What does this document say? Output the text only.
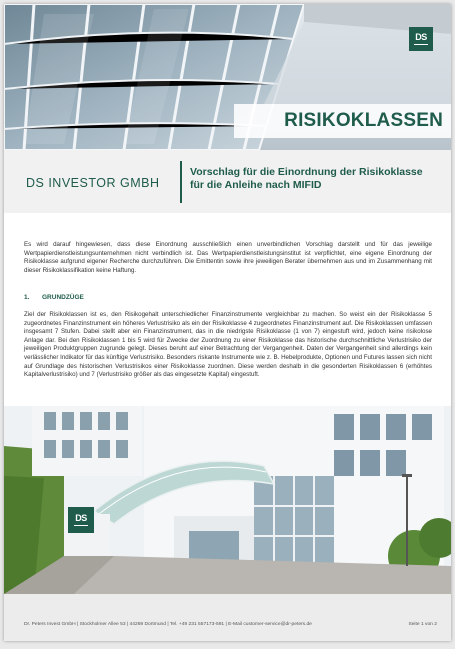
DS
RISIKOKLASSEN
DS INVESTOR GMBH
Vorschlag für die Einordnung der Risikoklasse für die Anleihe nach MIFID

Es wird darauf hingewiesen, dass diese Einordnung ausschließlich einen unverbindlichen Vorschlag darstellt und für das jeweilige Wertpapierdienstleistungsunternehmen nicht verbindlich ist. Das Wertpapierdienstleistungsinstitut ist verpflichtet, eine eigene Einordnung der Risikoklasse aufgrund eigener Recherche durchzuführen. Die Emittentin sowie ihre jeweiligen Berater übernehmen aus und im Zusammenhang mit dieser Risikoklassifikation keine Haftung.

1. GRUNDZÜGE

Ziel der Risikoklassen ist es, den Risikogehalt unterschiedlicher Finanzinstrumente vergleichbar zu machen. So weist ein der Risikoklasse 5 zugeordnetes Finanzinstrument ein höheres Verlustrisiko als ein der Risikoklasse 4 zugeordnetes Finanzinstrument auf. Die Risikoklassen umfassen insgesamt 7 Stufen. Dabei stellt aber ein Finanzinstrument, das in die niedrigste Risikoklasse (1 von 7) eingestuft wird, jedoch keine risikolose Anlage dar. Bei den Risikoklassen 1 bis 5 wird für Zwecke der Zuordnung zu einer Risikoklasse das historische durchschnittliche Verlustrisiko der jeweiligen Produktgruppen zugrunde gelegt. Dieses beruht auf einer Betrachtung der Vergangenheit. Daten der Vergangenheit sind allerdings kein verlässlicher Indikator für das künftige Verlustrisiko. Besonders riskante Instrumente wie z. B. Hebelprodukte, Optionen und Futures lassen sich nicht auf Grundlage des historischen Verlustrisikos einer Risikoklasse zuordnen. Diese werden deshalb in die gesonderten Risikoklassen 6 (erhöhtes Kapitalverlustrisiko) und 7 (Verlustrisiko größer als das eingesetzte Kapital) eingestuft.

DS
Dr. Peters Invest GmbH | Stockholmer Allee 53 | 44269 Dortmund | Tel. +49 231 557173-591 | E-Mail customer-service@dr-peters.de	Seite 1 von 2
